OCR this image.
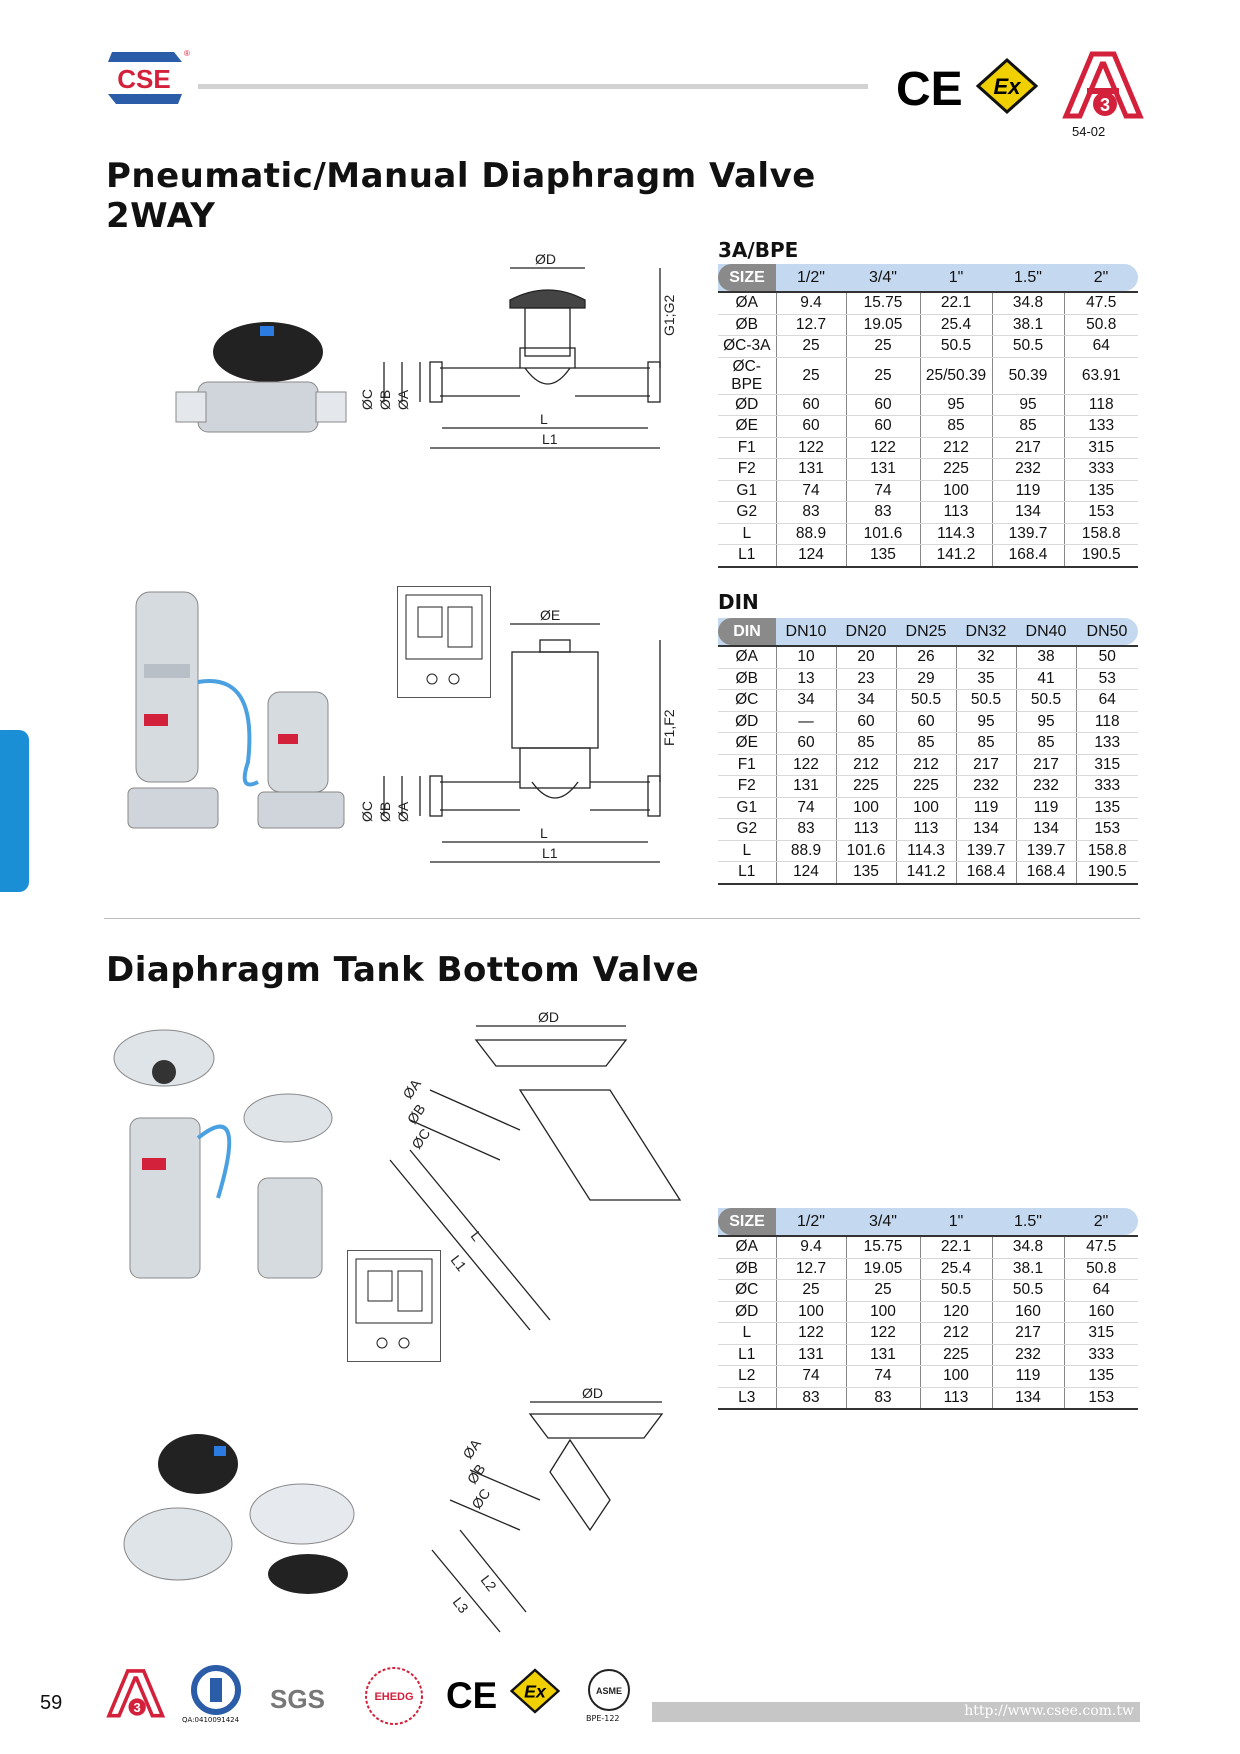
CSE
®
CE Ex
3
54-02
Pneumatic/Manual Diaphragm Valve
2WAY
ØD
ØC ØB ØA
G1;G2
L
L1
3A/BPE
SIZE	1/2"	3/4"	1"	1.5"	2"
ØA	9.4	15.75	22.1	34.8	47.5
ØB	12.7	19.05	25.4	38.1	50.8
ØC-3A	25	25	50.5	50.5	64
ØC-BPE	25	25	25/50.39	50.39	63.91
ØD	60	60	95	95	118
ØE	60	60	85	85	133
F1	122	122	212	217	315
F2	131	131	225	232	333
G1	74	74	100	119	135
G2	83	83	113	134	153
L	88.9	101.6	114.3	139.7	158.8
L1	124	135	141.2	168.4	190.5
ØE
ØC ØB ØA
F1,F2
L
L1
DIN
DIN	DN10	DN20	DN25	DN32	DN40	DN50
ØA	10	20	26	32	38	50
ØB	13	23	29	35	41	53
ØC	34	34	50.5	50.5	50.5	64
ØD	—	60	60	95	95	118
ØE	60	85	85	85	85	133
F1	122	212	212	217	217	315
F2	131	225	225	232	232	333
G1	74	100	100	119	119	135
G2	83	113	113	134	134	153
L	88.9	101.6	114.3	139.7	139.7	158.8
L1	124	135	141.2	168.4	168.4	190.5
Diaphragm Tank Bottom Valve
ØD
ØA
ØB
ØC
L
L1
ØD
ØA
ØB
ØC
L2
L3
SIZE	1/2"	3/4"	1"	1.5"	2"
ØA	9.4	15.75	22.1	34.8	47.5
ØB	12.7	19.05	25.4	38.1	50.8
ØC	25	25	50.5	50.5	64
ØD	100	100	120	160	160
L	122	122	212	217	315
L1	131	131	225	232	333
L2	74	74	100	119	135
L3	83	83	113	134	153
59	3
QA:0410091424
SGS	EHEDG CE Ex	ASME
BPE-122	http://www.csee.com.tw
